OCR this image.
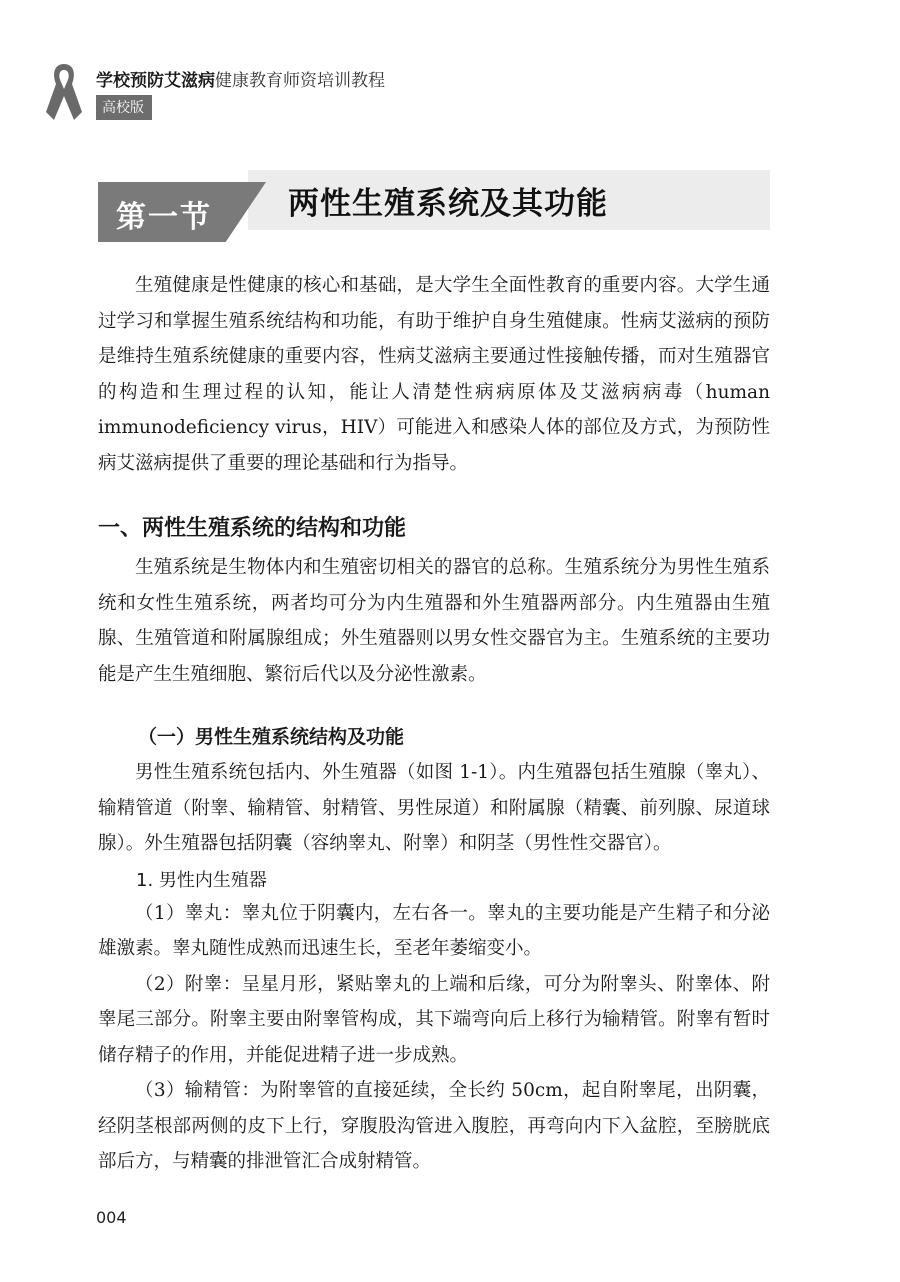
学校预防艾滋病健康教育师资培训教程
高校版
第一节 两性生殖系统及其功能

生殖健康是性健康的核心和基础，是大学生全面性教育的重要内容。大学生通过学习和掌握生殖系统结构和功能，有助于维护自身生殖健康。性病艾滋病的预防是维持生殖系统健康的重要内容，性病艾滋病主要通过性接触传播，而对生殖器官的构造和生理过程的认知，能让人清楚性病病原体及艾滋病病毒（human immunodeficiency virus，HIV）可能进入和感染人体的部位及方式，为预防性病艾滋病提供了重要的理论基础和行为指导。

一、两性生殖系统的结构和功能

生殖系统是生物体内和生殖密切相关的器官的总称。生殖系统分为男性生殖系统和女性生殖系统，两者均可分为内生殖器和外生殖器两部分。内生殖器由生殖腺、生殖管道和附属腺组成；外生殖器则以男女性交器官为主。生殖系统的主要功能是产生生殖细胞、繁衍后代以及分泌性激素。

（一）男性生殖系统结构及功能

男性生殖系统包括内、外生殖器（如图 1-1）。内生殖器包括生殖腺（睾丸）、输精管道（附睾、输精管、射精管、男性尿道）和附属腺（精囊、前列腺、尿道球腺）。外生殖器包括阴囊（容纳睾丸、附睾）和阴茎（男性性交器官）。

1. 男性内生殖器

（1）睾丸：睾丸位于阴囊内，左右各一。睾丸的主要功能是产生精子和分泌雄激素。睾丸随性成熟而迅速生长，至老年萎缩变小。

（2）附睾：呈星月形，紧贴睾丸的上端和后缘，可分为附睾头、附睾体、附睾尾三部分。附睾主要由附睾管构成，其下端弯向后上移行为输精管。附睾有暂时储存精子的作用，并能促进精子进一步成熟。

（3）输精管：为附睾管的直接延续，全长约 50cm，起自附睾尾，出阴囊，经阴茎根部两侧的皮下上行，穿腹股沟管进入腹腔，再弯向内下入盆腔，至膀胱底部后方，与精囊的排泄管汇合成射精管。

004
